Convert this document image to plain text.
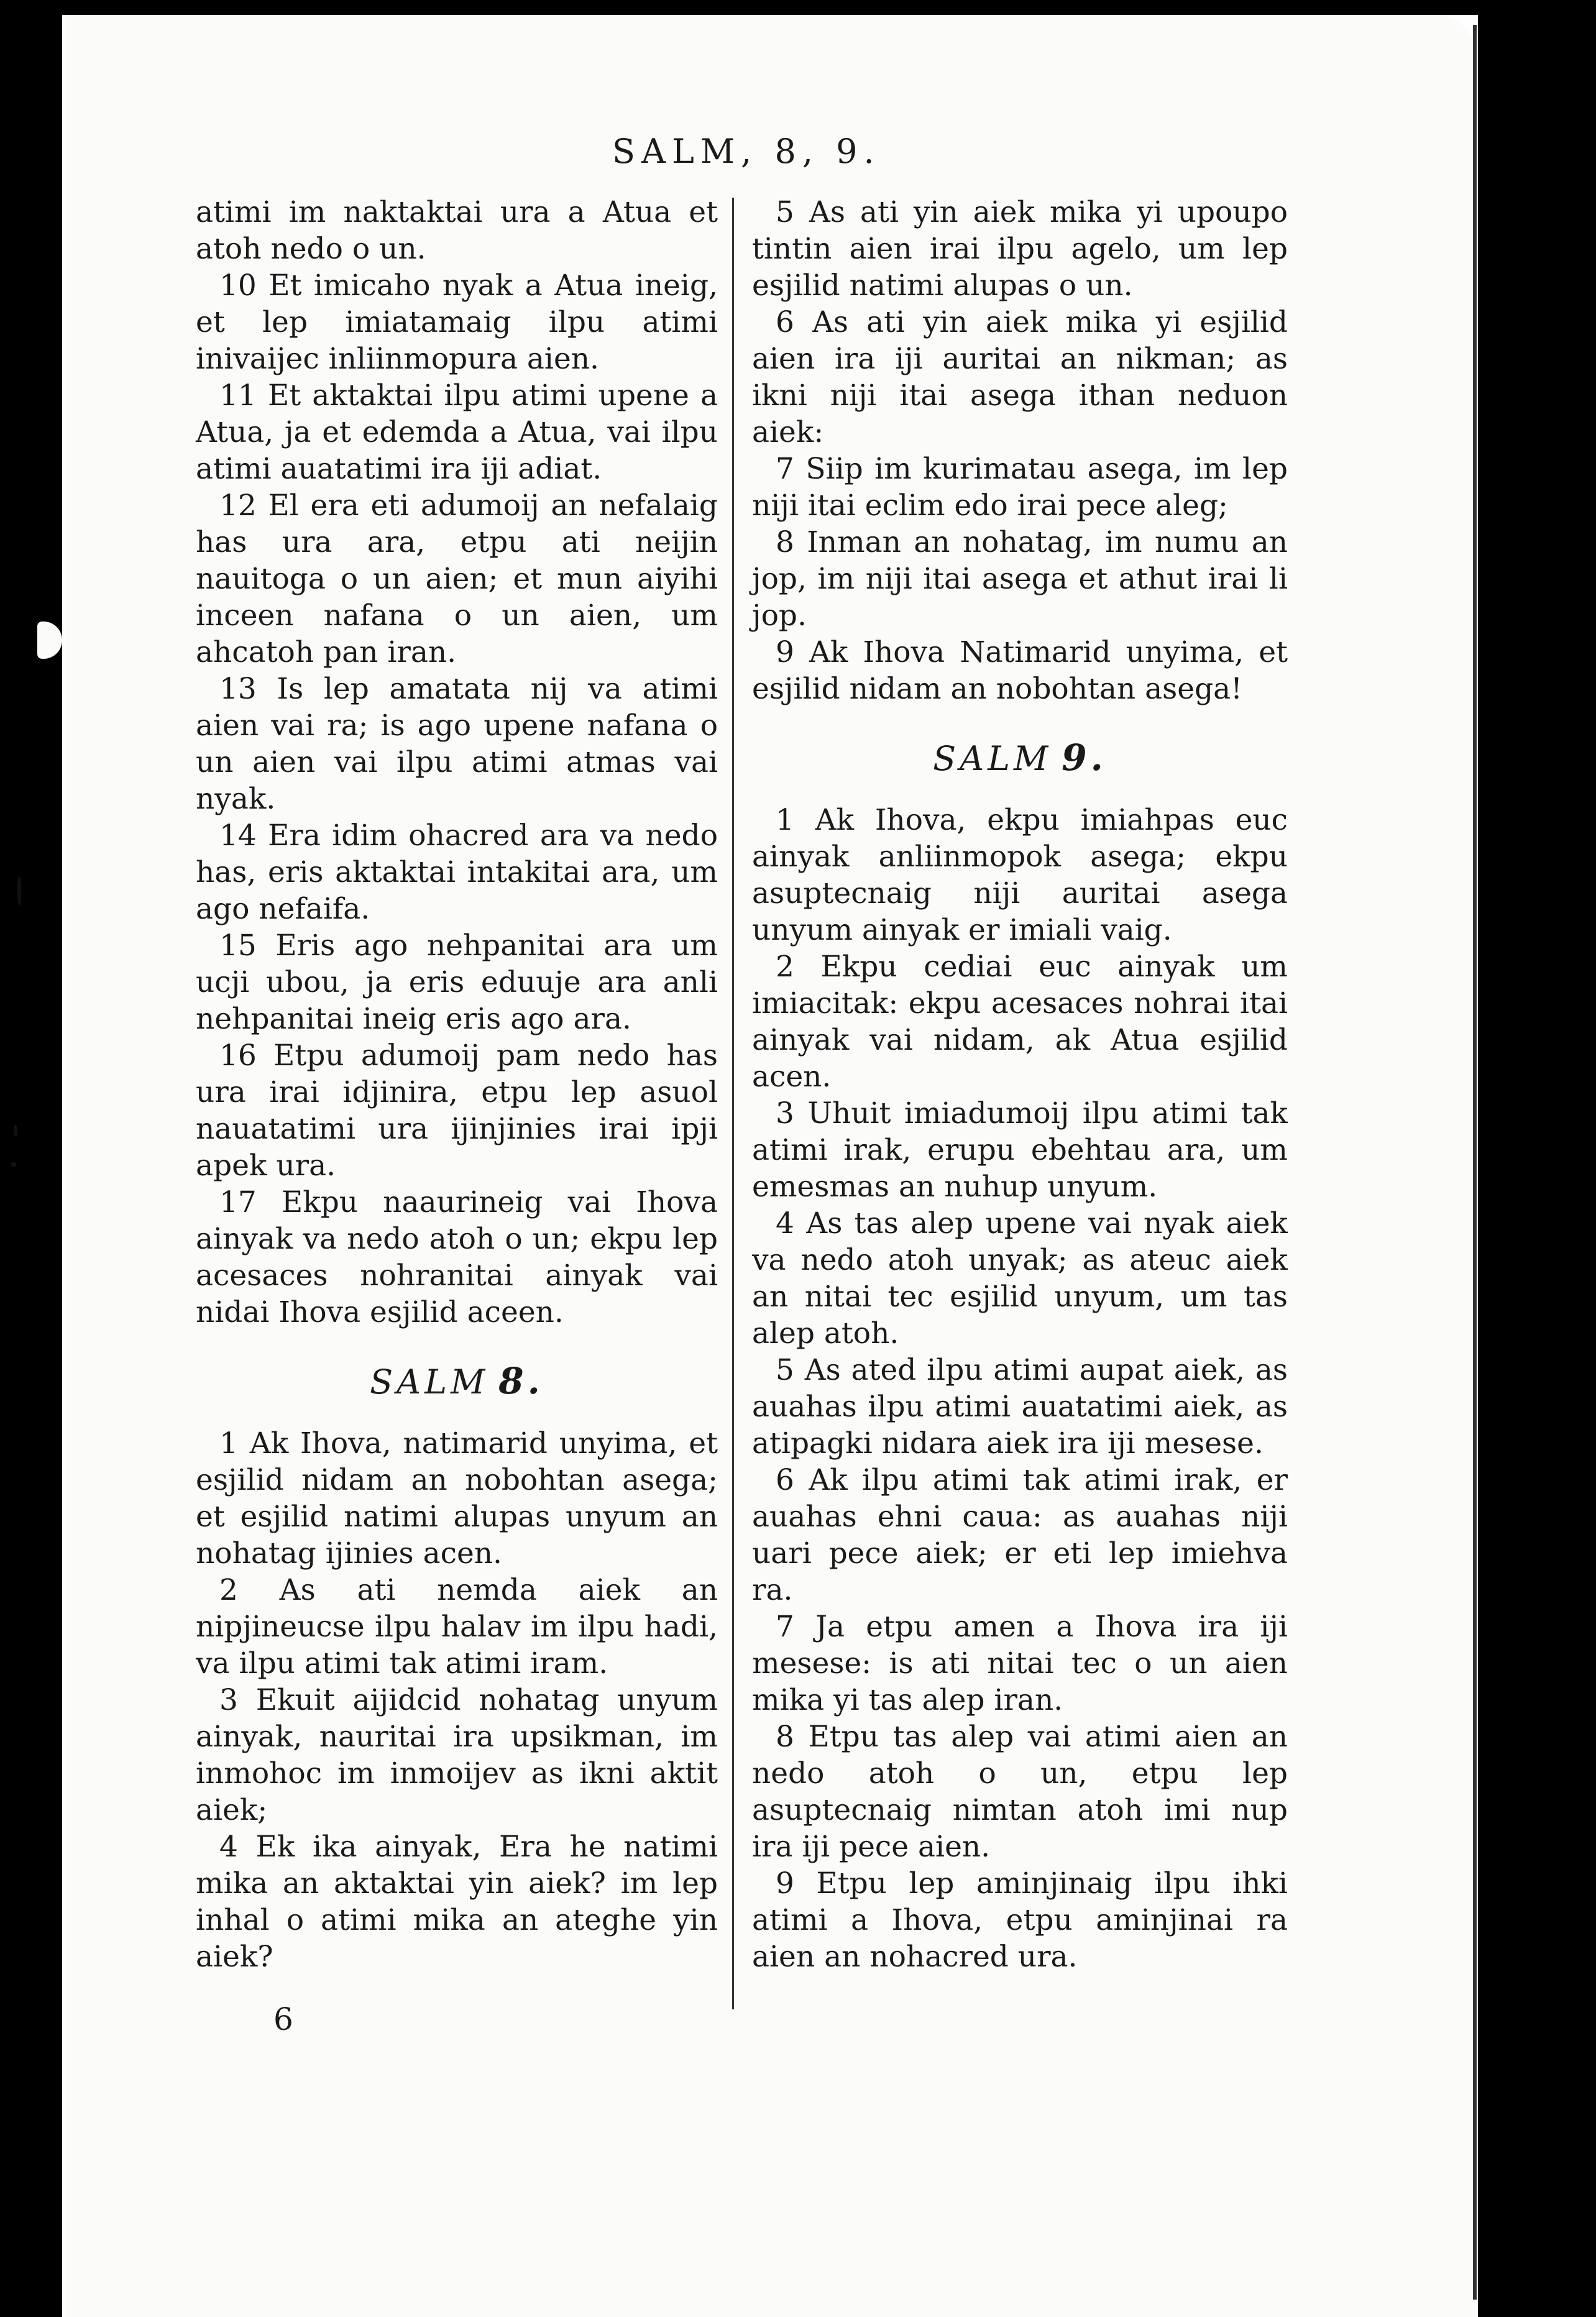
SALM, 8, 9.

atimi im naktaktai ura a Atua et atoh nedo o un.

10 Et imicaho nyak a Atua ineig, et lep imiatamaig ilpu atimi inivaijec inliinmopura aien.

11 Et aktaktai ilpu atimi upene a Atua, ja et edemda a Atua, vai ilpu atimi auatatimi ira iji adiat.

12 El era eti adumoij an nefalaig has ura ara, etpu ati neijin nauitoga o un aien; et mun aiyihi inceen nafana o un aien, um ahcatoh pan iran.

13 Is lep amatata nij va atimi aien vai ra; is ago upene nafana o un aien vai ilpu atimi atmas vai nyak.

14 Era idim ohacred ara va nedo has, eris aktaktai intakitai ara, um ago nefaifa.

15 Eris ago nehpanitai ara um ucji ubou, ja eris eduuje ara anli nehpanitai ineig eris ago ara.

16 Etpu adumoij pam nedo has ura irai idjinira, etpu lep asuol nauatatimi ura ijinjinies irai ipji apek ura.

17 Ekpu naaurineig vai Ihova ainyak va nedo atoh o un; ekpu lep acesaces nohranitai ainyak vai nidai Ihova esjilid aceen.

SALM 8.

1 Ak Ihova, natimarid unyima, et esjilid nidam an nobohtan asega; et esjilid natimi alupas unyum an nohatag ijinies acen.

2 As ati nemda aiek an nipjineucse ilpu halav im ilpu hadi, va ilpu atimi tak atimi iram.

3 Ekuit aijidcid nohatag unyum ainyak, nauritai ira upsikman, im inmohoc im inmoijev as ikni aktit aiek;

4 Ek ika ainyak, Era he natimi mika an aktaktai yin aiek? im lep inhal o atimi mika an ateghe yin aiek?

5 As ati yin aiek mika yi upoupo tintin aien irai ilpu agelo, um lep esjilid natimi alupas o un.

6 As ati yin aiek mika yi esjilid aien ira iji auritai an nikman; as ikni niji itai asega ithan neduon aiek:

7 Siip im kurimatau asega, im lep niji itai eclim edo irai pece aleg;

8 Inman an nohatag, im numu an jop, im niji itai asega et athut irai li jop.

9 Ak Ihova Natimarid unyima, et esjilid nidam an nobohtan asega!

SALM 9.

1 Ak Ihova, ekpu imiahpas euc ainyak anliinmopok asega; ekpu asuptecnaig niji auritai asega unyum ainyak er imiali vaig.

2 Ekpu cediai euc ainyak um imiacitak: ekpu acesaces nohrai itai ainyak vai nidam, ak Atua esjilid acen.

3 Uhuit imiadumoij ilpu atimi tak atimi irak, erupu ebehtau ara, um emesmas an nuhup unyum.

4 As tas alep upene vai nyak aiek va nedo atoh unyak; as ateuc aiek an nitai tec esjilid unyum, um tas alep atoh.

5 As ated ilpu atimi aupat aiek, as auahas ilpu atimi auatatimi aiek, as atipagki nidara aiek ira iji mesese.

6 Ak ilpu atimi tak atimi irak, er auahas ehni caua: as auahas niji uari pece aiek; er eti lep imiehva ra.

7 Ja etpu amen a Ihova ira iji mesese: is ati nitai tec o un aien mika yi tas alep iran.

8 Etpu tas alep vai atimi aien an nedo atoh o un, etpu lep asuptecnaig nimtan atoh imi nup ira iji pece aien.

9 Etpu lep aminjinaig ilpu ihki atimi a Ihova, etpu aminjinai ra aien an nohacred ura.

6
